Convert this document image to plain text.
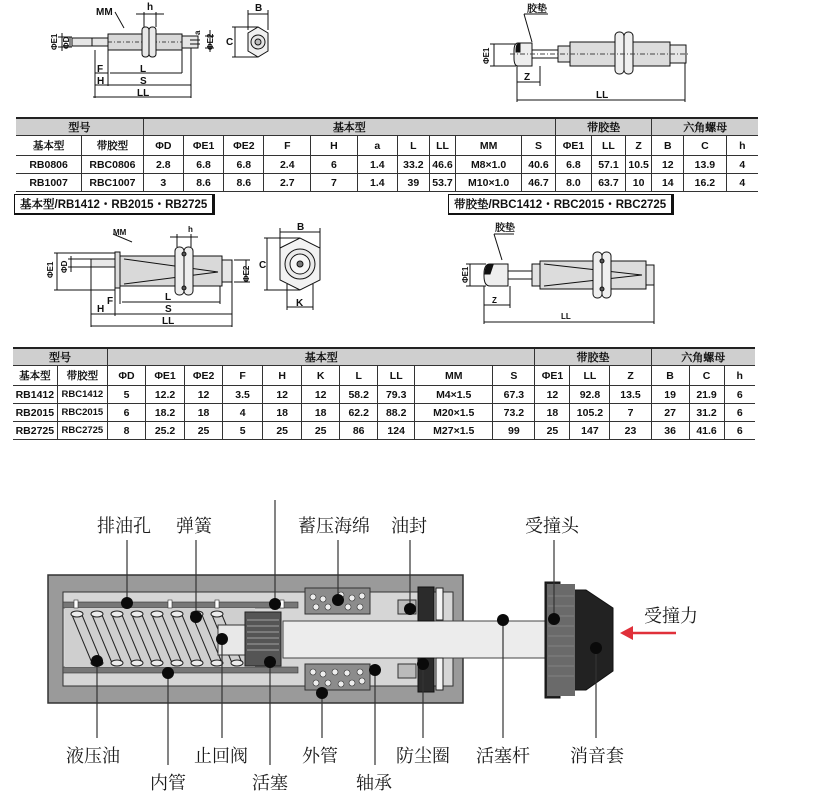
MM	h
F	L
H	S
LL
B
C
ΦE1 ΦD	ΦE2
a
胶垫
Z
LL
ΦE1
型号		基本型										带胶垫			六角螺母		
基本型	带胶型	ΦD	ΦE1	ΦE2	F	H	a	L	LL	MM	S	ΦE1	LL	Z	B	C	h
RB0806	RBC0806	2.8	6.8	6.8	2.4	6	1.4	33.2	46.6	M8×1.0	40.6	6.8	57.1	10.5	12	13.9	4
RB1007	RBC1007	3	8.6	8.6	2.7	7	1.4	39	53.7	M10×1.0	46.7	8.0	63.7	10	14	16.2	4
基本型/RB1412・RB2015・RB2725	带胶垫/RBC1412・RBC2015・RBC2725
MM	h
F	L
H	S
LL
B
C
K
ΦE1 ΦD	ΦE2
胶垫
Z
LL
ΦE1
型号		基本型										带胶垫			六角螺母		
基本型	带胶型	ΦD	ΦE1	ΦE2	F	H	K	L	LL	MM	S	ΦE1	LL	Z	B	C	h
RB1412	RBC1412	5	12.2	12	3.5	12	12	58.2	79.3	M4×1.5	67.3	12	92.8	13.5	19	21.9	6
RB2015	RBC2015	6	18.2	18	4	18	18	62.2	88.2	M20×1.5	73.2	18	105.2	7	27	31.2	6
RB2725	RBC2725	8	25.2	25	5	25	25	86	124	M27×1.5	99	25	147	23	36	41.6	6
排油孔 弹簧	蓄压海绵 油封	受撞头
受撞力
液压油	止回阀	外管	防尘圈 活塞杆 消音套
内管	活塞	轴承
